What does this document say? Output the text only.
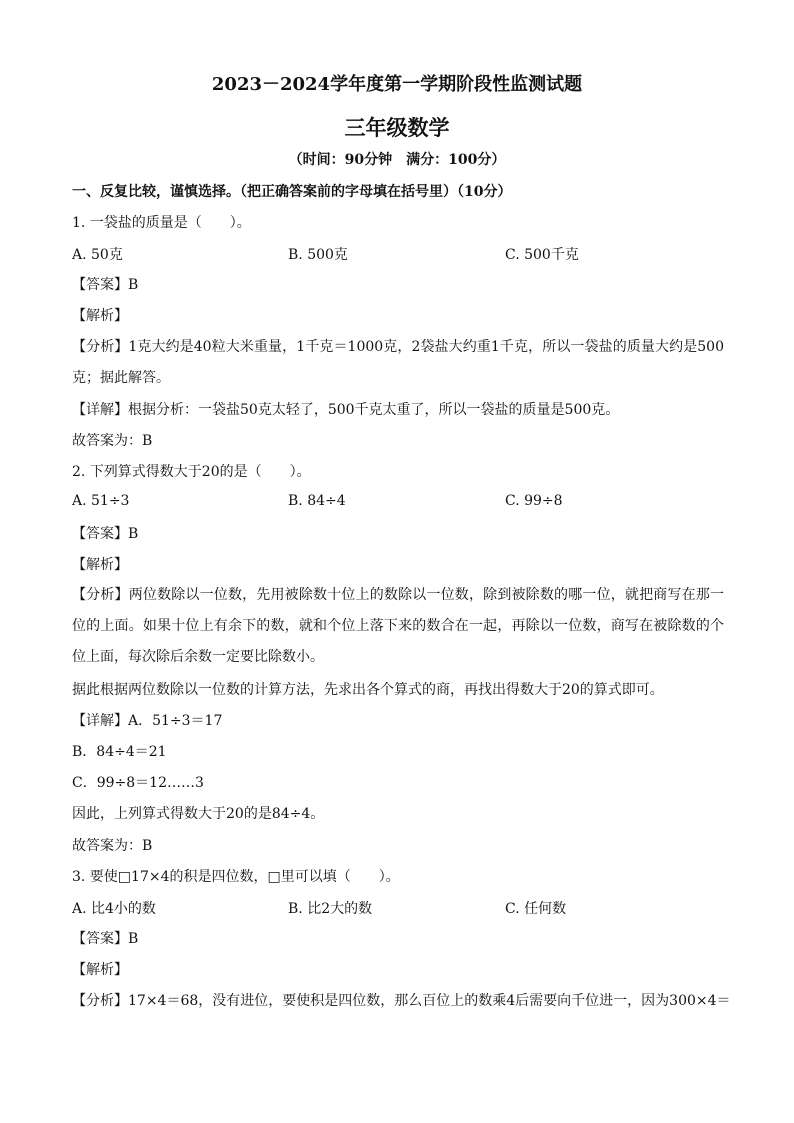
2023－2024学年度第一学期阶段性监测试题
三年级数学
（时间：90分钟　满分：100分）
一、反复比较，谨慎选择。（把正确答案前的字母填在括号里）（10分）
1. 一袋盐的质量是（　　）。
A. 50克	B. 500克	C. 500千克
【答案】B
【解析】
【分析】1克大约是40粒大米重量，1千克＝1000克，2袋盐大约重1千克，所以一袋盐的质量大约是500克；据此解答。
【详解】根据分析：一袋盐50克太轻了，500千克太重了，所以一袋盐的质量是500克。
故答案为：B
2. 下列算式得数大于20的是（　　）。
A. 51÷3	B. 84÷4	C. 99÷8
【答案】B
【解析】
【分析】两位数除以一位数，先用被除数十位上的数除以一位数，除到被除数的哪一位，就把商写在那一位的上面。如果十位上有余下的数，就和个位上落下来的数合在一起，再除以一位数，商写在被除数的个位上面，每次除后余数一定要比除数小。
据此根据两位数除以一位数的计算方法，先求出各个算式的商，再找出得数大于20的算式即可。
【详解】A．51÷3＝17
B．84÷4＝21
C．99÷8＝12……3
因此，上列算式得数大于20的是84÷4。
故答案为：B
3. 要使□17×4的积是四位数，□里可以填（　　）。
A. 比4小的数	B. 比2大的数	C. 任何数
【答案】B
【解析】
【分析】17×4＝68，没有进位，要使积是四位数，那么百位上的数乘4后需要向千位进一，因为300×4＝
